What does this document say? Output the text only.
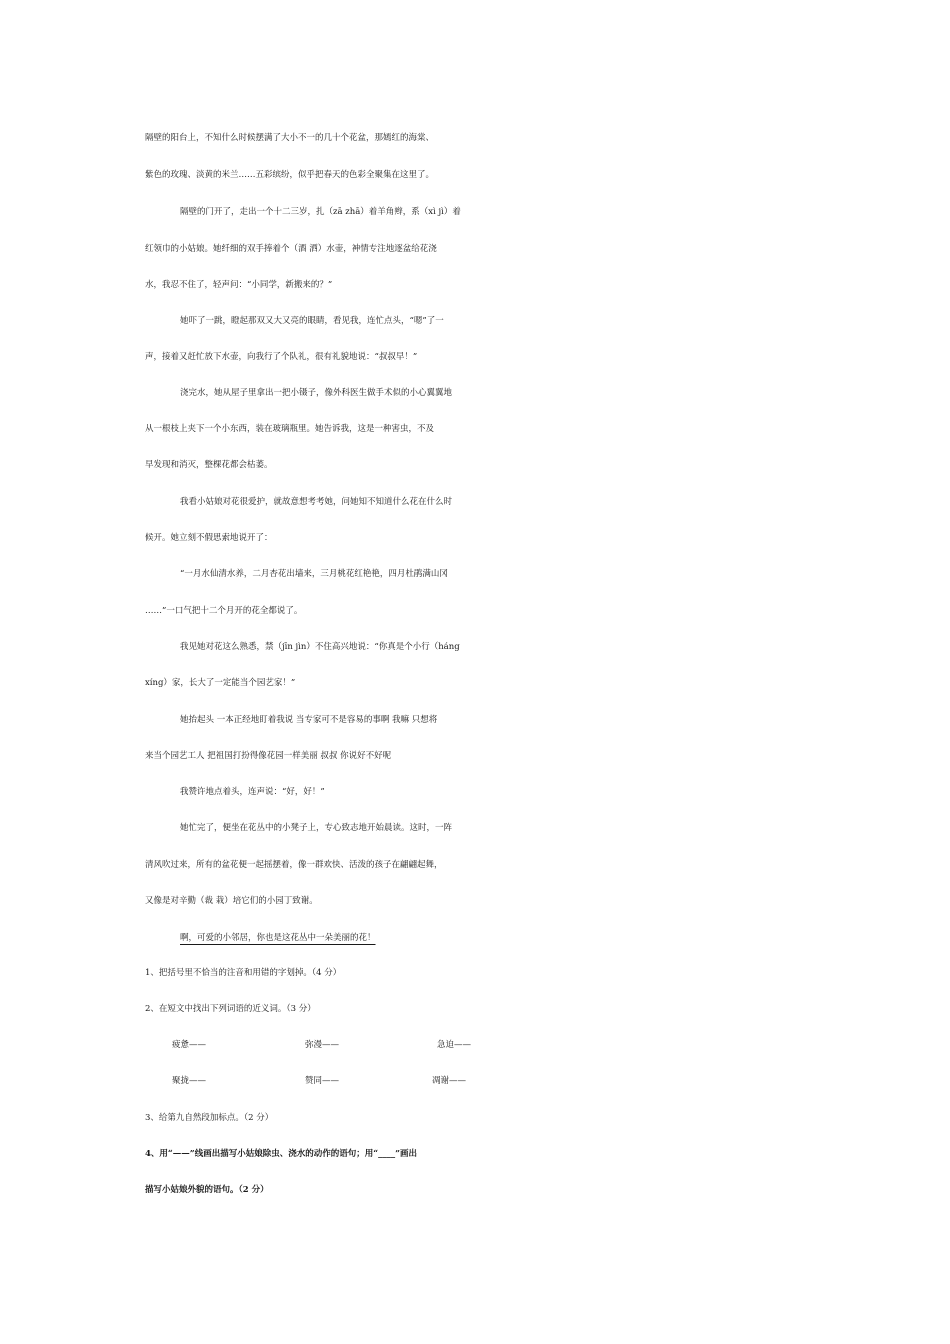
隔壁的阳台上，不知什么时候摆满了大小不一的几十个花盆，那嫣红的海棠、
紫色的玫瑰、淡黄的米兰……五彩缤纷，似乎把春天的色彩全聚集在这里了。
隔壁的门开了，走出一个十二三岁，扎（zā zhā）着羊角辫，系（xì jì）着
红领巾的小姑娘。她纤细的双手捧着个（酒 洒）水壶，神情专注地逐盆给花浇
水，我忍不住了，轻声问：“小同学，新搬来的？”
她吓了一跳，瞪起那双又大又亮的眼睛，看见我，连忙点头，“嗯”了一
声，接着又赶忙放下水壶，向我行了个队礼，很有礼貌地说：“叔叔早！”
浇完水，她从屋子里拿出一把小镊子，像外科医生做手术似的小心翼翼地
从一根枝上夹下一个小东西，装在玻璃瓶里。她告诉我，这是一种害虫，不及
早发现和消灭，整棵花都会枯萎。
我看小姑娘对花很爱护，就故意想考考她，问她知不知道什么花在什么时
候开。她立刻不假思索地说开了：
“一月水仙清水养，二月杏花出墙来，三月桃花红艳艳，四月杜鹃满山冈
……”一口气把十二个月开的花全都说了。
我见她对花这么熟悉，禁（jīn jìn）不住高兴地说：“你真是个小行（háng
xíng）家，长大了一定能当个园艺家！”
她抬起头 一本正经地盯着我说 当专家可不是容易的事啊 我嘛 只想将
来当个园艺工人 把祖国打扮得像花园一样美丽 叔叔 你说好不好呢
我赞许地点着头，连声说：“好，好！”
她忙完了，便坐在花丛中的小凳子上，专心致志地开始晨读。这时，一阵
清风吹过来，所有的盆花便一起摇摆着，像一群欢快、活泼的孩子在翩翩起舞，
又像是对辛勤（裁 栽）培它们的小园丁致谢。
啊，可爱的小邻居，你也是这花丛中一朵美丽的花！
1、把括号里不恰当的注音和用错的字划掉。（4 分）
2、在短文中找出下列词语的近义词。（3 分）
疲惫——	弥漫——	急迫——
聚拢——	赞同——	凋谢——
3、给第九自然段加标点。（2 分）
4、用“——”线画出描写小姑娘除虫、浇水的动作的语句；用“____”画出
描写小姑娘外貌的语句。（2 分）
